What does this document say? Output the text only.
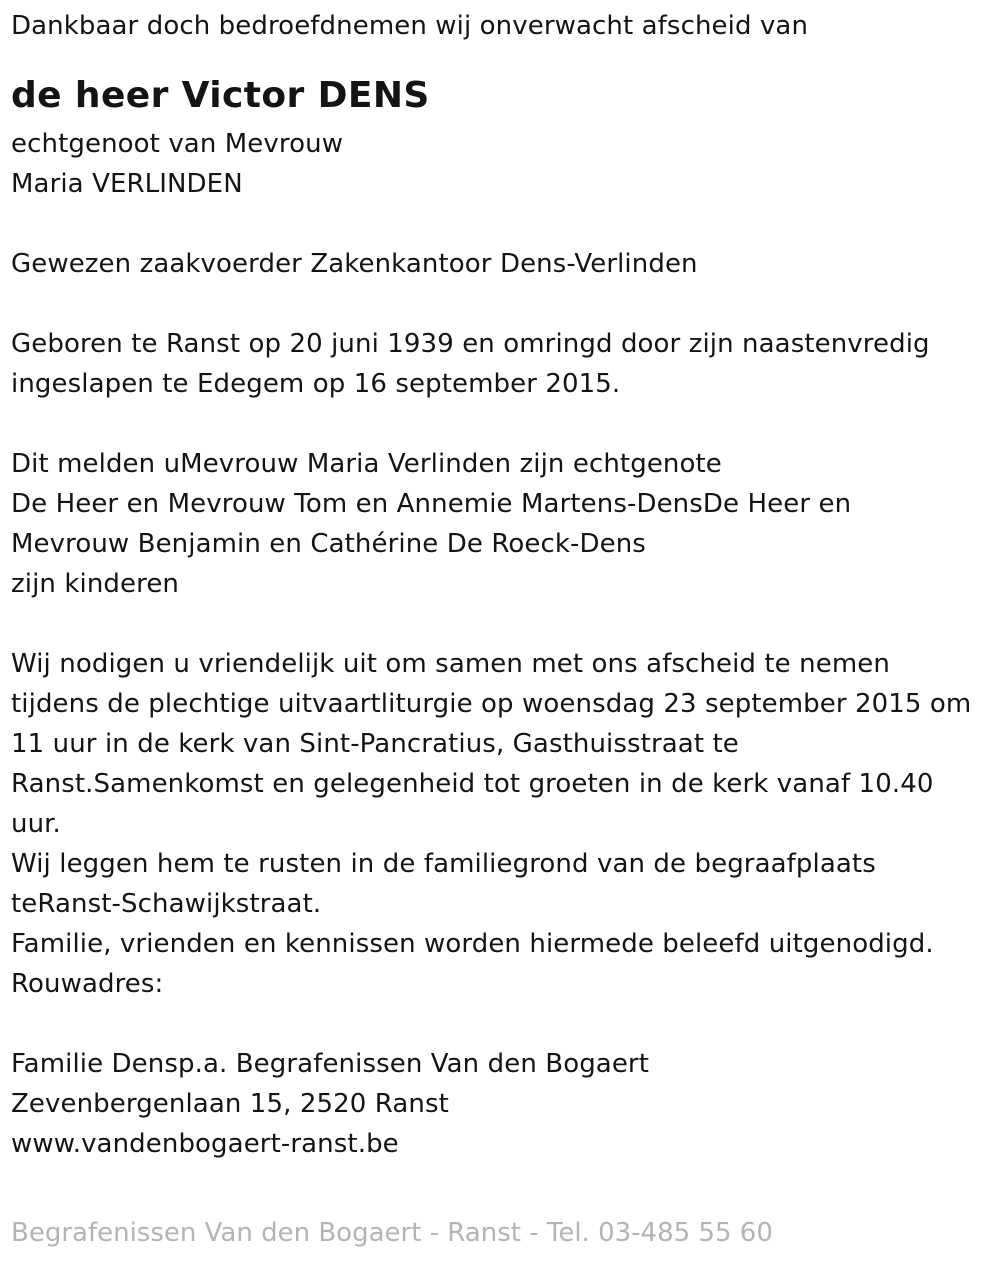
Dankbaar doch bedroefdnemen wij onverwacht afscheid van
de heer Victor DENS
echtgenoot van Mevrouw
Maria VERLINDEN
Gewezen zaakvoerder Zakenkantoor Dens-Verlinden
Geboren te Ranst op 20 juni 1939 en omringd door zijn naastenvredig
ingeslapen te Edegem op 16 september 2015.
Dit melden uMevrouw Maria Verlinden zijn echtgenote
De Heer en Mevrouw Tom en Annemie Martens-DensDe Heer en
Mevrouw Benjamin en Cathérine De Roeck-Dens
zijn kinderen
Wij nodigen u vriendelijk uit om samen met ons afscheid te nemen
tijdens de plechtige uitvaartliturgie op woensdag 23 september 2015 om
11 uur in de kerk van Sint-Pancratius, Gasthuisstraat te
Ranst.Samenkomst en gelegenheid tot groeten in de kerk vanaf 10.40
uur.
Wij leggen hem te rusten in de familiegrond van de begraafplaats
teRanst-Schawijkstraat.
Familie, vrienden en kennissen worden hiermede beleefd uitgenodigd.
Rouwadres:
Familie Densp.a. Begrafenissen Van den Bogaert
Zevenbergenlaan 15, 2520 Ranst
www.vandenbogaert-ranst.be
Begrafenissen Van den Bogaert - Ranst - Tel. 03-485 55 60
